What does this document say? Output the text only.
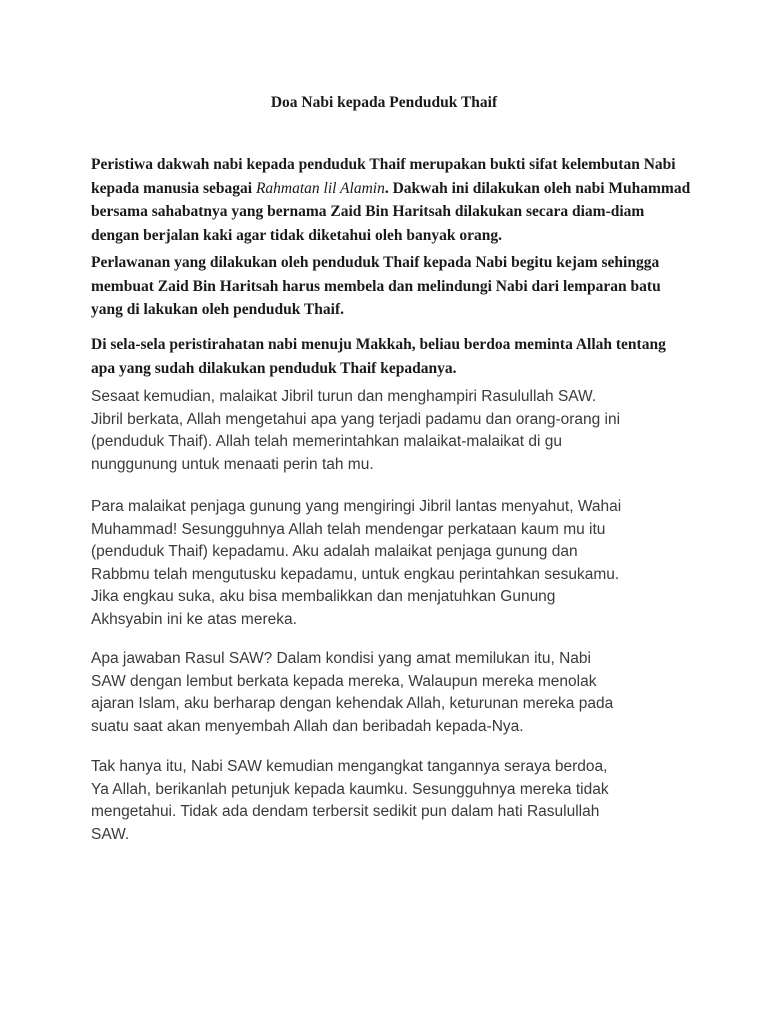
Doa Nabi kepada Penduduk Thaif

Peristiwa dakwah nabi kepada penduduk Thaif merupakan bukti sifat kelembutan Nabi kepada manusia sebagai Rahmatan lil Alamin. Dakwah ini dilakukan oleh nabi Muhammad bersama sahabatnya yang bernama Zaid Bin Haritsah dilakukan secara diam-diam dengan berjalan kaki agar tidak diketahui oleh banyak orang.

Perlawanan yang dilakukan oleh penduduk Thaif kepada Nabi begitu kejam sehingga membuat Zaid Bin Haritsah harus membela dan melindungi Nabi dari lemparan batu yang di lakukan oleh penduduk Thaif.

Di sela-sela peristirahatan nabi menuju Makkah, beliau berdoa meminta Allah tentang apa yang sudah dilakukan penduduk Thaif kepadanya.

Sesaat kemudian, malaikat Jibril turun dan menghampiri Rasulullah SAW.
Jibril berkata, Allah mengetahui apa yang terjadi padamu dan orang-orang ini
(penduduk Thaif). Allah telah memerintahkan malaikat-malaikat di gu
nunggunung untuk menaati perin tah mu.

Para malaikat penjaga gunung yang mengiringi Jibril lantas menyahut, Wahai
Muhammad! Sesungguhnya Allah telah mendengar perkataan kaum mu itu
(penduduk Thaif) kepadamu. Aku adalah malaikat penjaga gunung dan
Rabbmu telah mengutusku kepadamu, untuk engkau perintahkan sesukamu.
Jika engkau suka, aku bisa membalikkan dan menjatuhkan Gunung
Akhsyabin ini ke atas mereka.

Apa jawaban Rasul SAW? Dalam kondisi yang amat memilukan itu, Nabi
SAW dengan lembut berkata kepada mereka, Walaupun mereka menolak
ajaran Islam, aku berharap dengan kehendak Allah, keturunan mereka pada
suatu saat akan menyembah Allah dan beribadah kepada-Nya.

Tak hanya itu, Nabi SAW kemudian mengangkat tangannya seraya berdoa,
Ya Allah, berikanlah petunjuk kepada kaumku. Sesungguhnya mereka tidak
mengetahui. Tidak ada dendam terbersit sedikit pun dalam hati Rasulullah
SAW.
